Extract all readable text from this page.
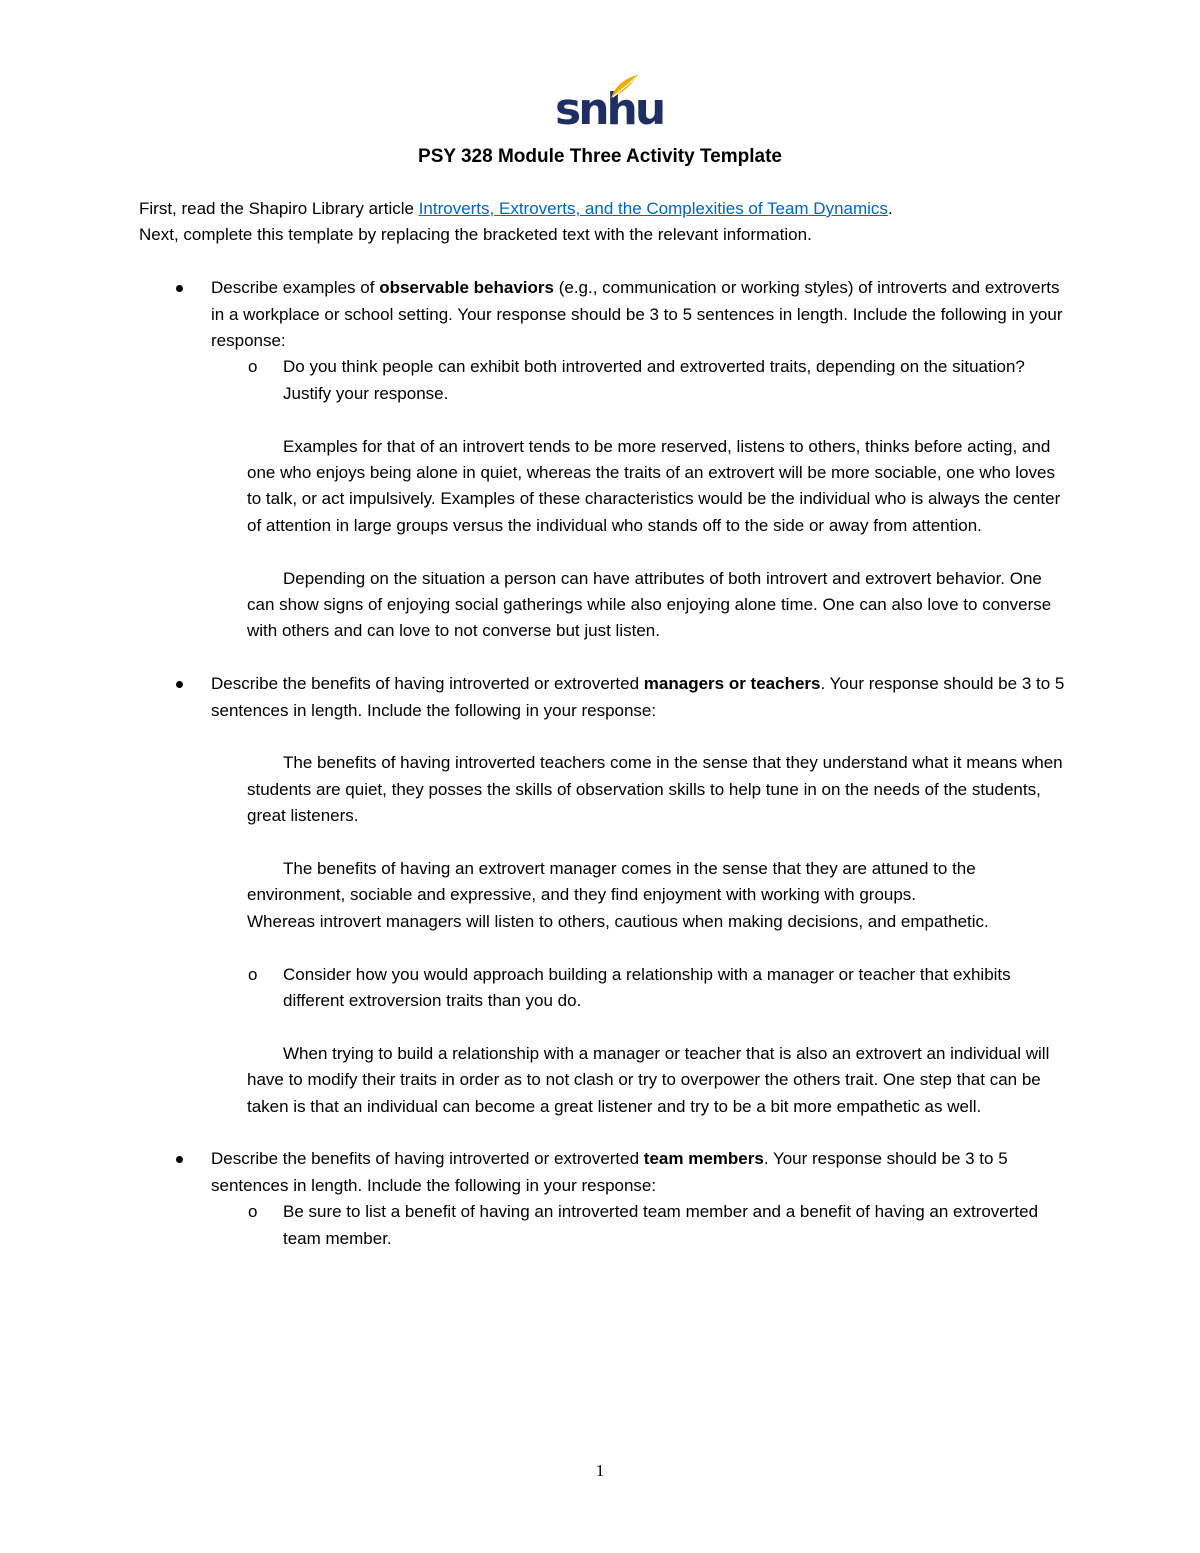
snhu
PSY 328 Module Three Activity Template

First, read the Shapiro Library article Introverts, Extroverts, and the Complexities of Team Dynamics.

Next, complete this template by replacing the bracketed text with the relevant information.

Describe examples of observable behaviors (e.g., communication or working styles) of introverts and extroverts in a workplace or school setting. Your response should be 3 to 5 sentences in length. Include the following in your response:

o Do you think people can exhibit both introverted and extroverted traits, depending on the situation? Justify your response.

Examples for that of an introvert tends to be more reserved, listens to others, thinks before acting, and one who enjoys being alone in quiet, whereas the traits of an extrovert will be more sociable, one who loves to talk, or act impulsively. Examples of these characteristics would be the individual who is always the center of attention in large groups versus the individual who stands off to the side or away from attention.

Depending on the situation a person can have attributes of both introvert and extrovert behavior. One can show signs of enjoying social gatherings while also enjoying alone time. One can also love to converse with others and can love to not converse but just listen.

Describe the benefits of having introverted or extroverted managers or teachers. Your response should be 3 to 5 sentences in length. Include the following in your response:

The benefits of having introverted teachers come in the sense that they understand what it means when students are quiet, they posses the skills of observation skills to help tune in on the needs of the students, great listeners.

The benefits of having an extrovert manager comes in the sense that they are attuned to the environment, sociable and expressive, and they find enjoyment with working with groups.

Whereas introvert managers will listen to others, cautious when making decisions, and empathetic.

o Consider how you would approach building a relationship with a manager or teacher that exhibits different extroversion traits than you do.

When trying to build a relationship with a manager or teacher that is also an extrovert an individual will have to modify their traits in order as to not clash or try to overpower the others trait. One step that can be taken is that an individual can become a great listener and try to be a bit more empathetic as well.

Describe the benefits of having introverted or extroverted team members. Your response should be 3 to 5 sentences in length. Include the following in your response:

o Be sure to list a benefit of having an introverted team member and a benefit of having an extroverted team member.

1
